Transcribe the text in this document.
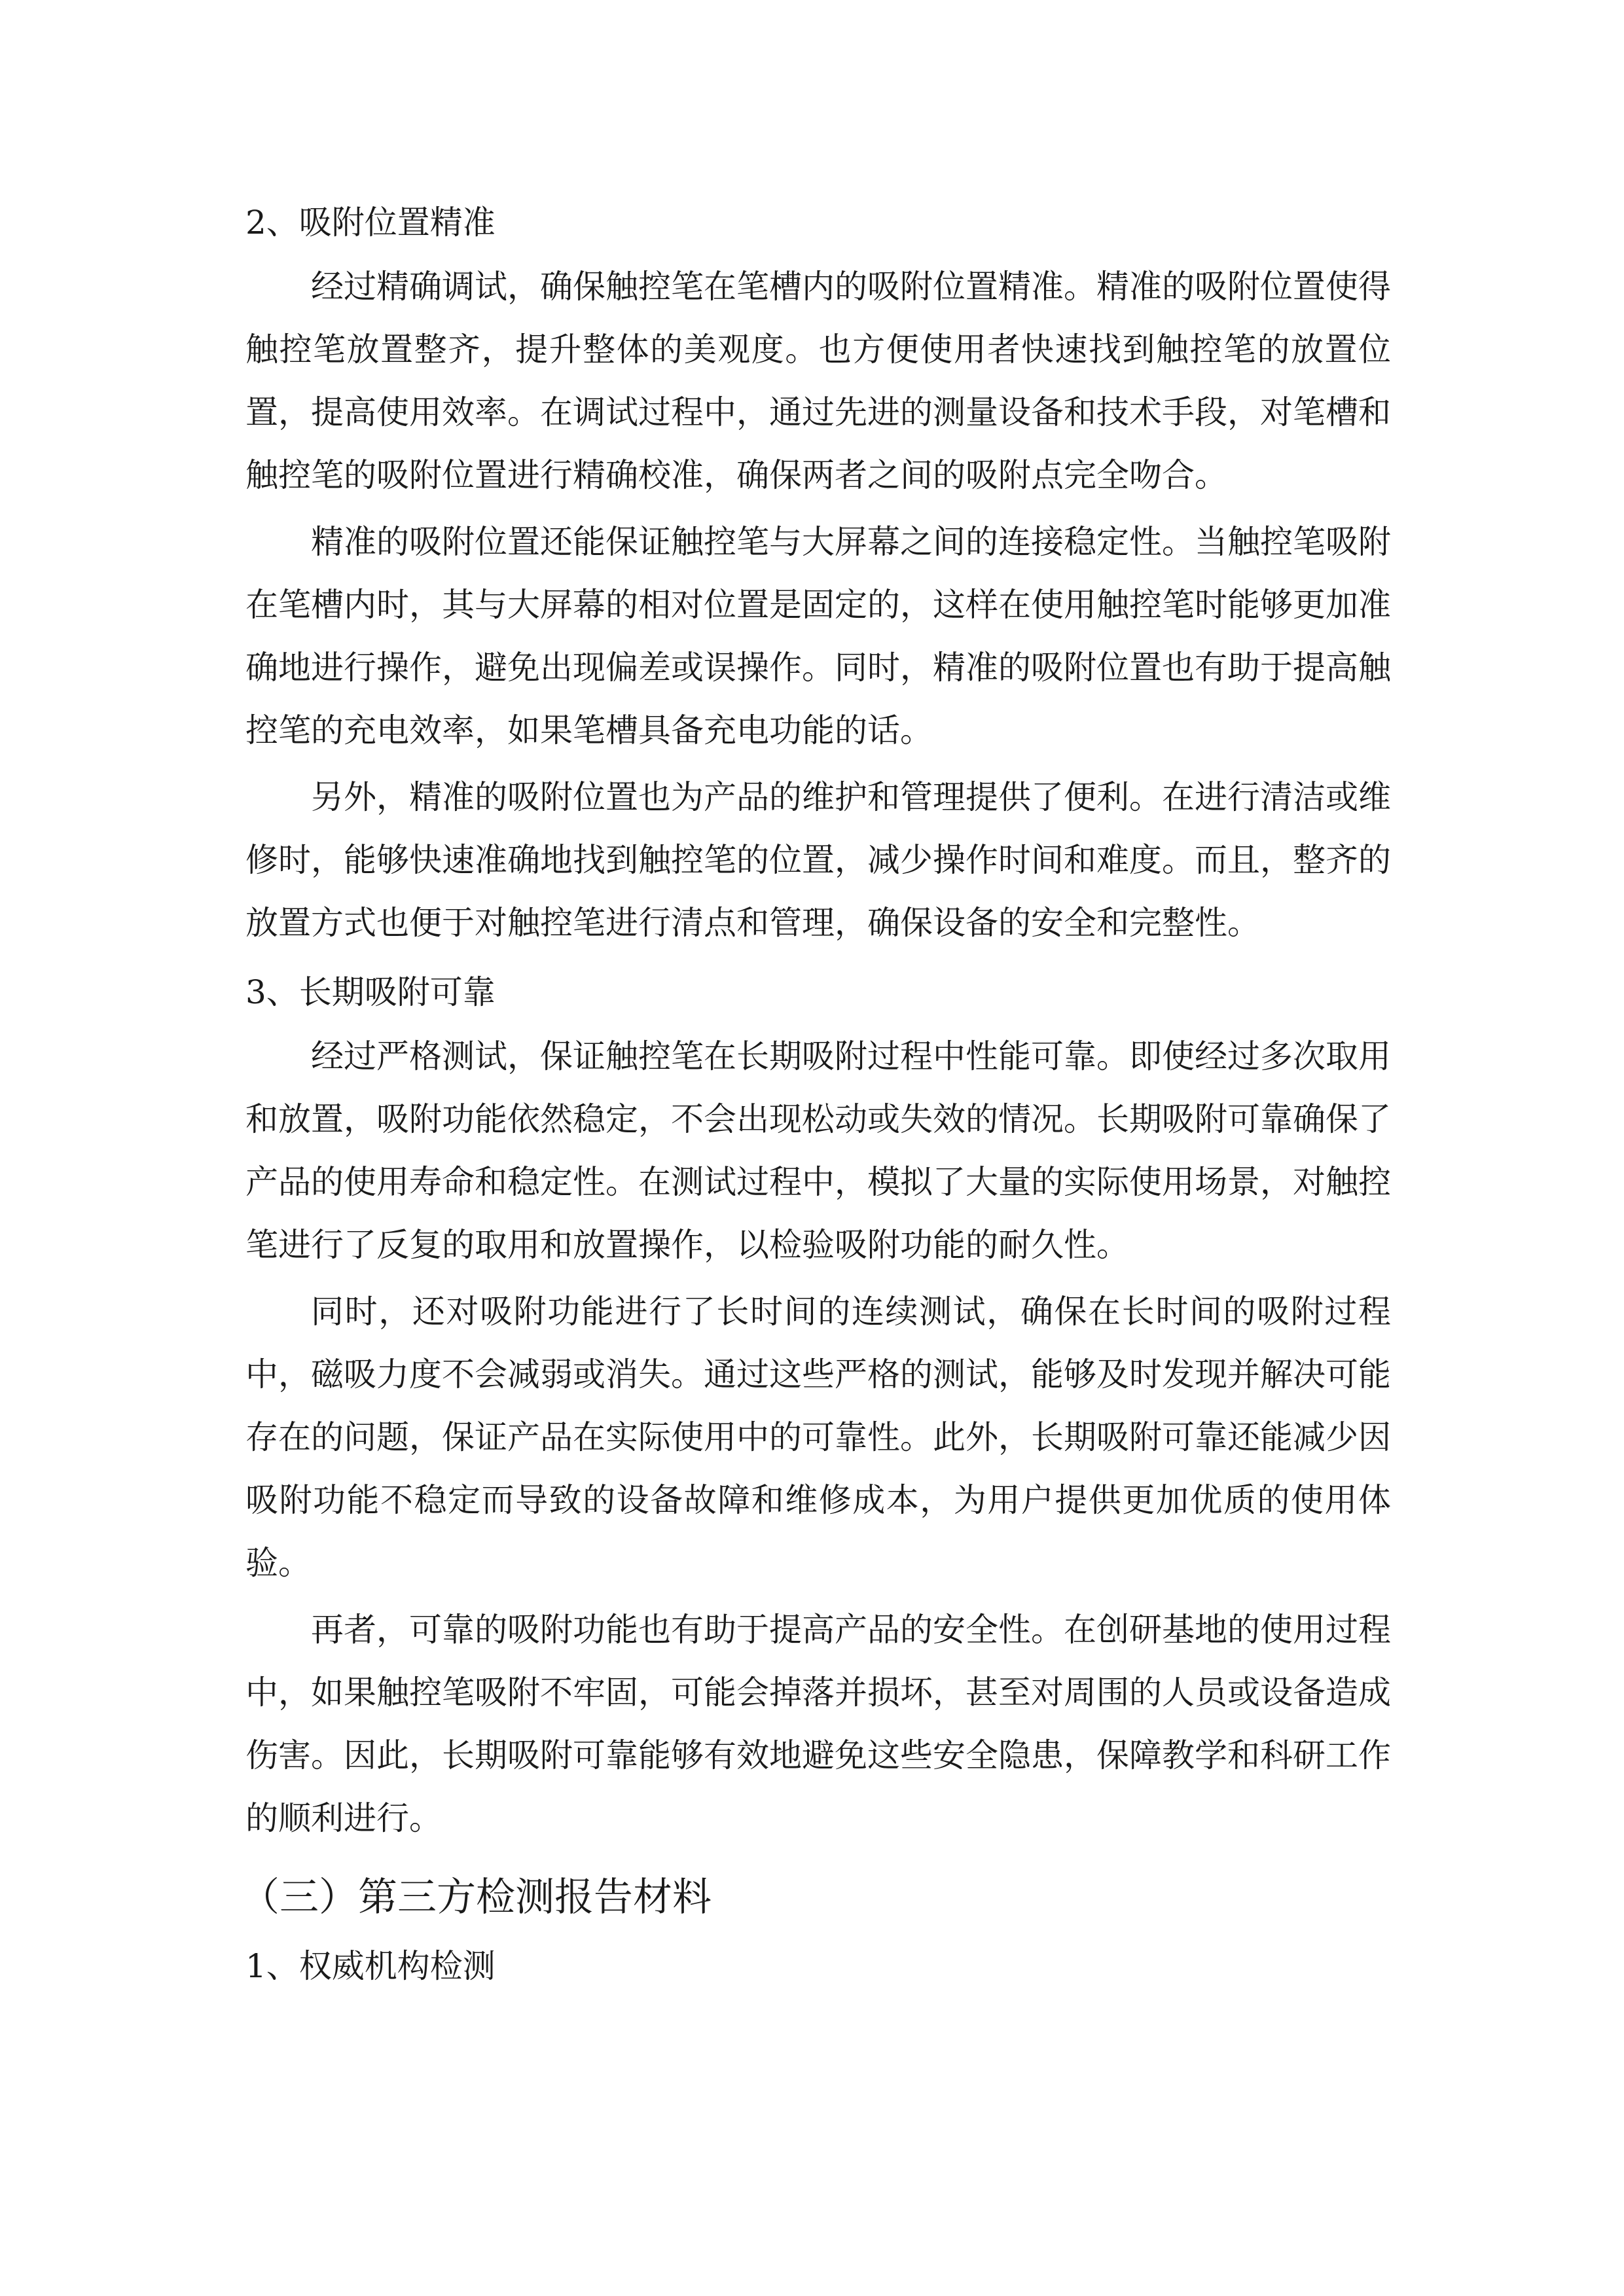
2、吸附位置精准

经过精确调试，确保触控笔在笔槽内的吸附位置精准。精准的吸附位置使得触控笔放置整齐，提升整体的美观度。也方便使用者快速找到触控笔的放置位置，提高使用效率。在调试过程中，通过先进的测量设备和技术手段，对笔槽和触控笔的吸附位置进行精确校准，确保两者之间的吸附点完全吻合。

精准的吸附位置还能保证触控笔与大屏幕之间的连接稳定性。当触控笔吸附在笔槽内时，其与大屏幕的相对位置是固定的，这样在使用触控笔时能够更加准确地进行操作，避免出现偏差或误操作。同时，精准的吸附位置也有助于提高触控笔的充电效率，如果笔槽具备充电功能的话。

另外，精准的吸附位置也为产品的维护和管理提供了便利。在进行清洁或维修时，能够快速准确地找到触控笔的位置，减少操作时间和难度。而且，整齐的放置方式也便于对触控笔进行清点和管理，确保设备的安全和完整性。

3、长期吸附可靠

经过严格测试，保证触控笔在长期吸附过程中性能可靠。即使经过多次取用和放置，吸附功能依然稳定，不会出现松动或失效的情况。长期吸附可靠确保了产品的使用寿命和稳定性。在测试过程中，模拟了大量的实际使用场景，对触控笔进行了反复的取用和放置操作，以检验吸附功能的耐久性。

同时，还对吸附功能进行了长时间的连续测试，确保在长时间的吸附过程中，磁吸力度不会减弱或消失。通过这些严格的测试，能够及时发现并解决可能存在的问题，保证产品在实际使用中的可靠性。此外，长期吸附可靠还能减少因吸附功能不稳定而导致的设备故障和维修成本，为用户提供更加优质的使用体验。

再者，可靠的吸附功能也有助于提高产品的安全性。在创研基地的使用过程中，如果触控笔吸附不牢固，可能会掉落并损坏，甚至对周围的人员或设备造成伤害。因此，长期吸附可靠能够有效地避免这些安全隐患，保障教学和科研工作的顺利进行。

（三）第三方检测报告材料

1、权威机构检测
